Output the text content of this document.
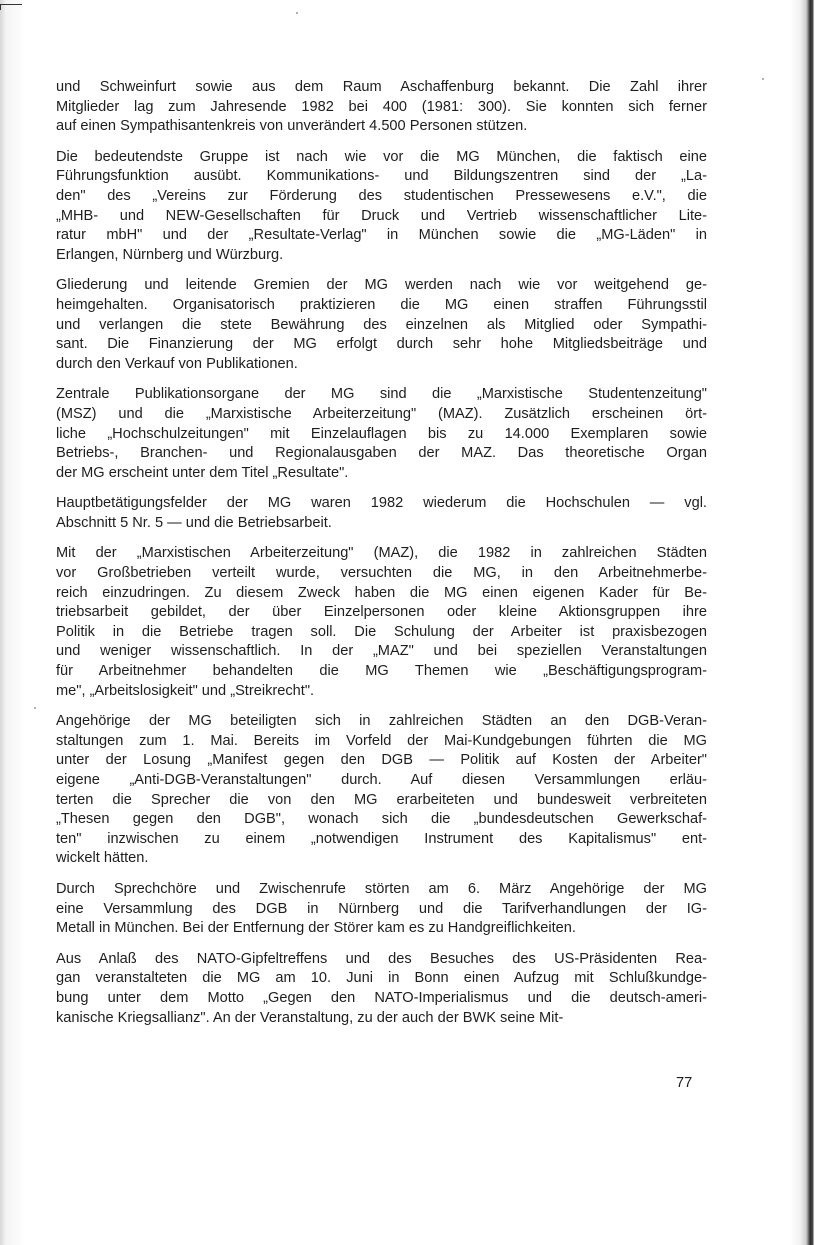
und Schweinfurt sowie aus dem Raum Aschaffenburg bekannt. Die Zahl ihrer
Mitglieder lag zum Jahresende 1982 bei 400 (1981: 300). Sie konnten sich ferner
auf einen Sympathisantenkreis von unverändert 4.500 Personen stützen.

Die bedeutendste Gruppe ist nach wie vor die MG München, die faktisch eine
Führungsfunktion ausübt. Kommunikations- und Bildungszentren sind der „La-
den" des „Vereins zur Förderung des studentischen Pressewesens e.V.", die
„MHB- und NEW-Gesellschaften für Druck und Vertrieb wissenschaftlicher Lite-
ratur mbH" und der „Resultate-Verlag" in München sowie die „MG-Läden" in
Erlangen, Nürnberg und Würzburg.

Gliederung und leitende Gremien der MG werden nach wie vor weitgehend ge-
heimgehalten. Organisatorisch praktizieren die MG einen straffen Führungsstil
und verlangen die stete Bewährung des einzelnen als Mitglied oder Sympathi-
sant. Die Finanzierung der MG erfolgt durch sehr hohe Mitgliedsbeiträge und
durch den Verkauf von Publikationen.

Zentrale Publikationsorgane der MG sind die „Marxistische Studentenzeitung"
(MSZ) und die „Marxistische Arbeiterzeitung" (MAZ). Zusätzlich erscheinen ört-
liche „Hochschulzeitungen" mit Einzelauflagen bis zu 14.000 Exemplaren sowie
Betriebs-, Branchen- und Regionalausgaben der MAZ. Das theoretische Organ
der MG erscheint unter dem Titel „Resultate".

Hauptbetätigungsfelder der MG waren 1982 wiederum die Hochschulen — vgl.
Abschnitt 5 Nr. 5 — und die Betriebsarbeit.

Mit der „Marxistischen Arbeiterzeitung" (MAZ), die 1982 in zahlreichen Städten
vor Großbetrieben verteilt wurde, versuchten die MG, in den Arbeitnehmerbe-
reich einzudringen. Zu diesem Zweck haben die MG einen eigenen Kader für Be-
triebsarbeit gebildet, der über Einzelpersonen oder kleine Aktionsgruppen ihre
Politik in die Betriebe tragen soll. Die Schulung der Arbeiter ist praxisbezogen
und weniger wissenschaftlich. In der „MAZ" und bei speziellen Veranstaltungen
für Arbeitnehmer behandelten die MG Themen wie „Beschäftigungsprogram-
me", „Arbeitslosigkeit" und „Streikrecht".

Angehörige der MG beteiligten sich in zahlreichen Städten an den DGB-Veran-
staltungen zum 1. Mai. Bereits im Vorfeld der Mai-Kundgebungen führten die MG
unter der Losung „Manifest gegen den DGB — Politik auf Kosten der Arbeiter"
eigene „Anti-DGB-Veranstaltungen" durch. Auf diesen Versammlungen erläu-
terten die Sprecher die von den MG erarbeiteten und bundesweit verbreiteten
„Thesen gegen den DGB", wonach sich die „bundesdeutschen Gewerkschaf-
ten" inzwischen zu einem „notwendigen Instrument des Kapitalismus" ent-
wickelt hätten.

Durch Sprechchöre und Zwischenrufe störten am 6. März Angehörige der MG
eine Versammlung des DGB in Nürnberg und die Tarifverhandlungen der IG-
Metall in München. Bei der Entfernung der Störer kam es zu Handgreiflichkeiten.

Aus Anlaß des NATO-Gipfeltreffens und des Besuches des US-Präsidenten Rea-
gan veranstalteten die MG am 10. Juni in Bonn einen Aufzug mit Schlußkundge-
bung unter dem Motto „Gegen den NATO-Imperialismus und die deutsch-ameri-
kanische Kriegsallianz". An der Veranstaltung, zu der auch der BWK seine Mit-

77
